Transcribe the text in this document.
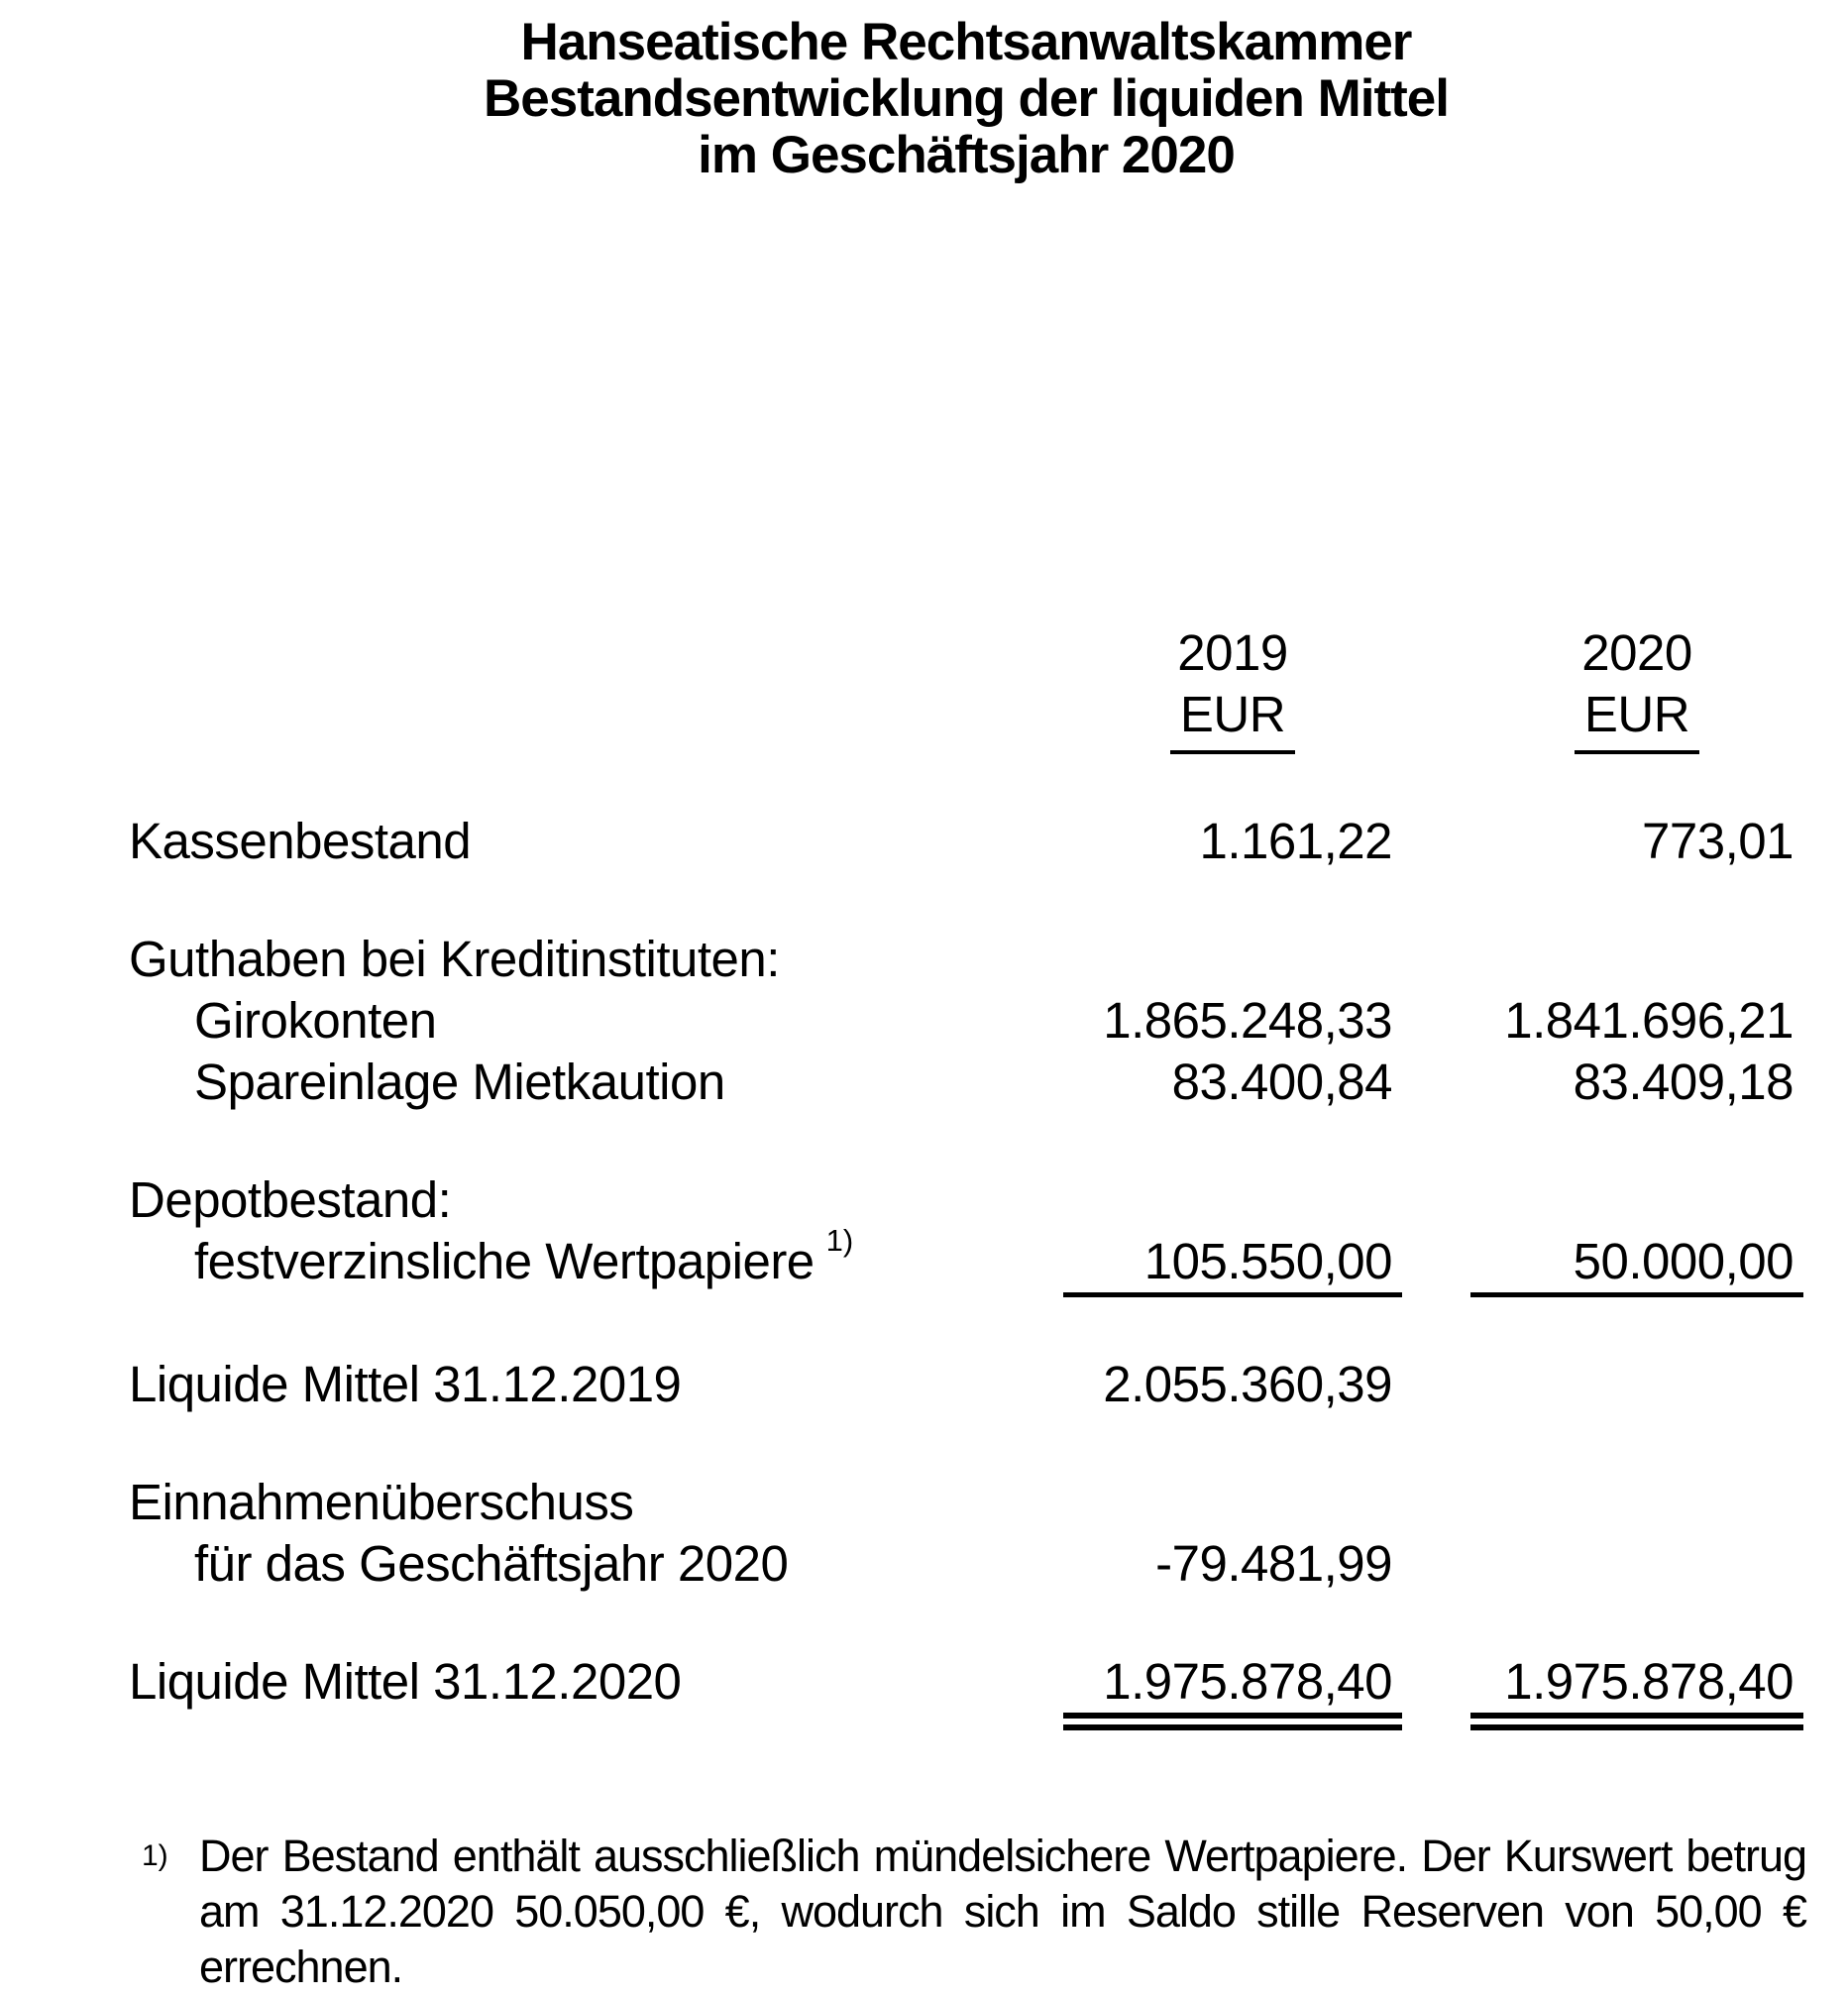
Hanseatische Rechtsanwaltskammer
Bestandsentwicklung der liquiden Mittel
im Geschäftsjahr 2020
2019
EUR
2020
EUR
Kassenbestand	1.161,22	773,01
Guthaben bei Kreditinstituten:
Girokonten	1.865.248,33	1.841.696,21
Spareinlage Mietkaution	83.400,84	83.409,18
Depotbestand:
festverzinsliche Wertpapiere $^{1)}$	105.550,00	50.000,00
Liquide Mittel 31.12.2019	2.055.360,39
Einnahmenüberschuss
für das Geschäftsjahr 2020	-79.481,99
Liquide Mittel 31.12.2020	1.975.878,40	1.975.878,40
1) Der Bestand enthält ausschließlich mündelsichere Wertpapiere. Der Kurswert betrug am 31.12.2020 50.050,00 €, wodurch sich im Saldo stille Reserven von 50,00 € errechnen.
